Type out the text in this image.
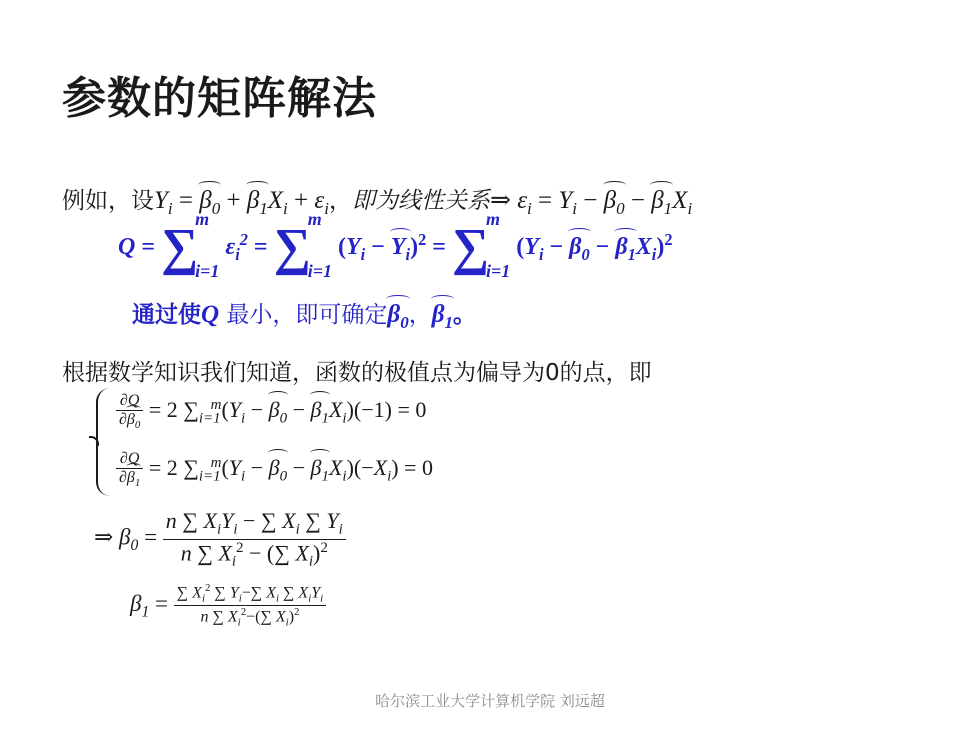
参数的矩阵解法
例如，设$Y_i = \beta_0 + \beta_1X_i + \varepsilon_i$，即为线性关系⇒ $\varepsilon_i = Y_i - \beta_0 - \beta_1X_i$
Q = ∑
m
i=1
$\varepsilon_i^2$ = ∑
m
i=1
$(Y_i - Y_i)^2$ = ∑
m
i=1
$(Y_i - \beta_0 - \beta_1X_i)^2$
通过使Q 最小，即可确定$\beta_0$，$\beta_1$。
根据数学知识我们知道，函数的极值点为偏导为0的点，即
$\frac{\partial Q}{\partial\beta_0} = 2$ $\sum_{i=1}^m(Y_i - \beta_0 - \beta_1X_i)(-1) = 0$
$\frac{\partial Q}{\partial\beta_1} = 2$ $\sum_{i=1}^m(Y_i - \beta_0 - \beta_1X_i)(-X_i) = 0$
⇒ $\beta_0 = \frac{n \sum X_iY_i - \sum X_i \sum Y_i}{n \sum X_i^2 - (\sum X_i)^2}$
$\beta_1 = \frac{\sum X_i^2 \sum Y_i-\sum X_i \sum X_iY_i}{n \sum X_i^2-(\sum X_i)^2}$
哈尔滨工业大学计算机学院 刘远超
